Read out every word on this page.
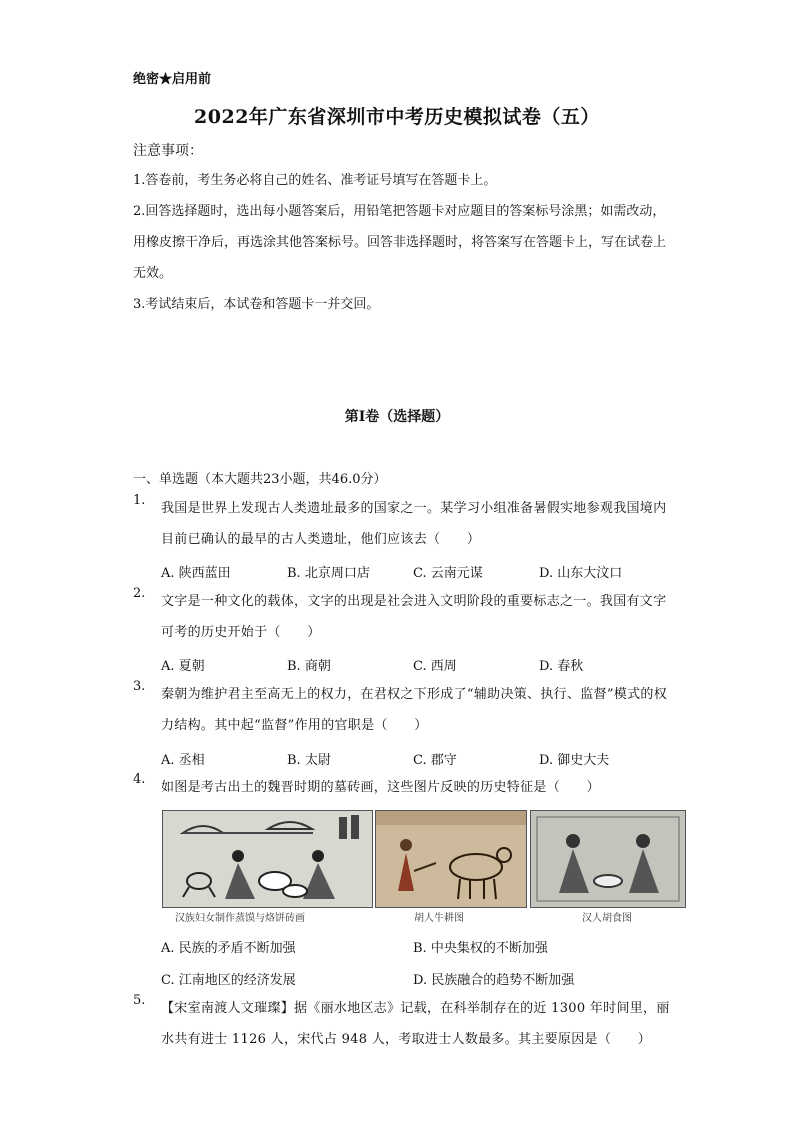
绝密★启用前
2022年广东省深圳市中考历史模拟试卷（五）
注意事项：
1.答卷前，考生务必将自己的姓名、准考证号填写在答题卡上。
2.回答选择题时，选出每小题答案后，用铅笔把答题卡对应题目的答案标号涂黑；如需改动，用橡皮擦干净后，再选涂其他答案标号。回答非选择题时，将答案写在答题卡上，写在试卷上无效。
3.考试结束后，本试卷和答题卡一并交回。
第Ⅰ卷（选择题）
一、单选题（本大题共23小题，共46.0分）
1.
我国是世界上发现古人类遗址最多的国家之一。某学习小组准备暑假实地参观我国境内目前已确认的最早的古人类遗址，他们应该去（　　）
A. 陕西蓝田	B. 北京周口店	C. 云南元谋	D. 山东大汶口
2.
文字是一种文化的载体，文字的出现是社会进入文明阶段的重要标志之一。我国有文字可考的历史开始于（　　）
A. 夏朝	B. 商朝	C. 西周	D. 春秋
3.
秦朝为维护君主至高无上的权力，在君权之下形成了“辅助决策、执行、监督”模式的权力结构。其中起“监督”作用的官职是（　　）
A. 丞相	B. 太尉	C. 郡守	D. 御史大夫
4.
如图是考古出土的魏晋时期的墓砖画，这些图片反映的历史特征是（　　）
汉族妇女制作蒸馍与烙饼砖画	胡人牛耕图	汉人胡食图
A. 民族的矛盾不断加强	B. 中央集权的不断加强
C. 江南地区的经济发展	D. 民族融合的趋势不断加强
5.
【宋室南渡人文璀璨】据《丽水地区志》记载，在科举制存在的近 1300 年时间里，丽水共有进士 1126 人，宋代占 948 人，考取进士人数最多。其主要原因是（　　）
